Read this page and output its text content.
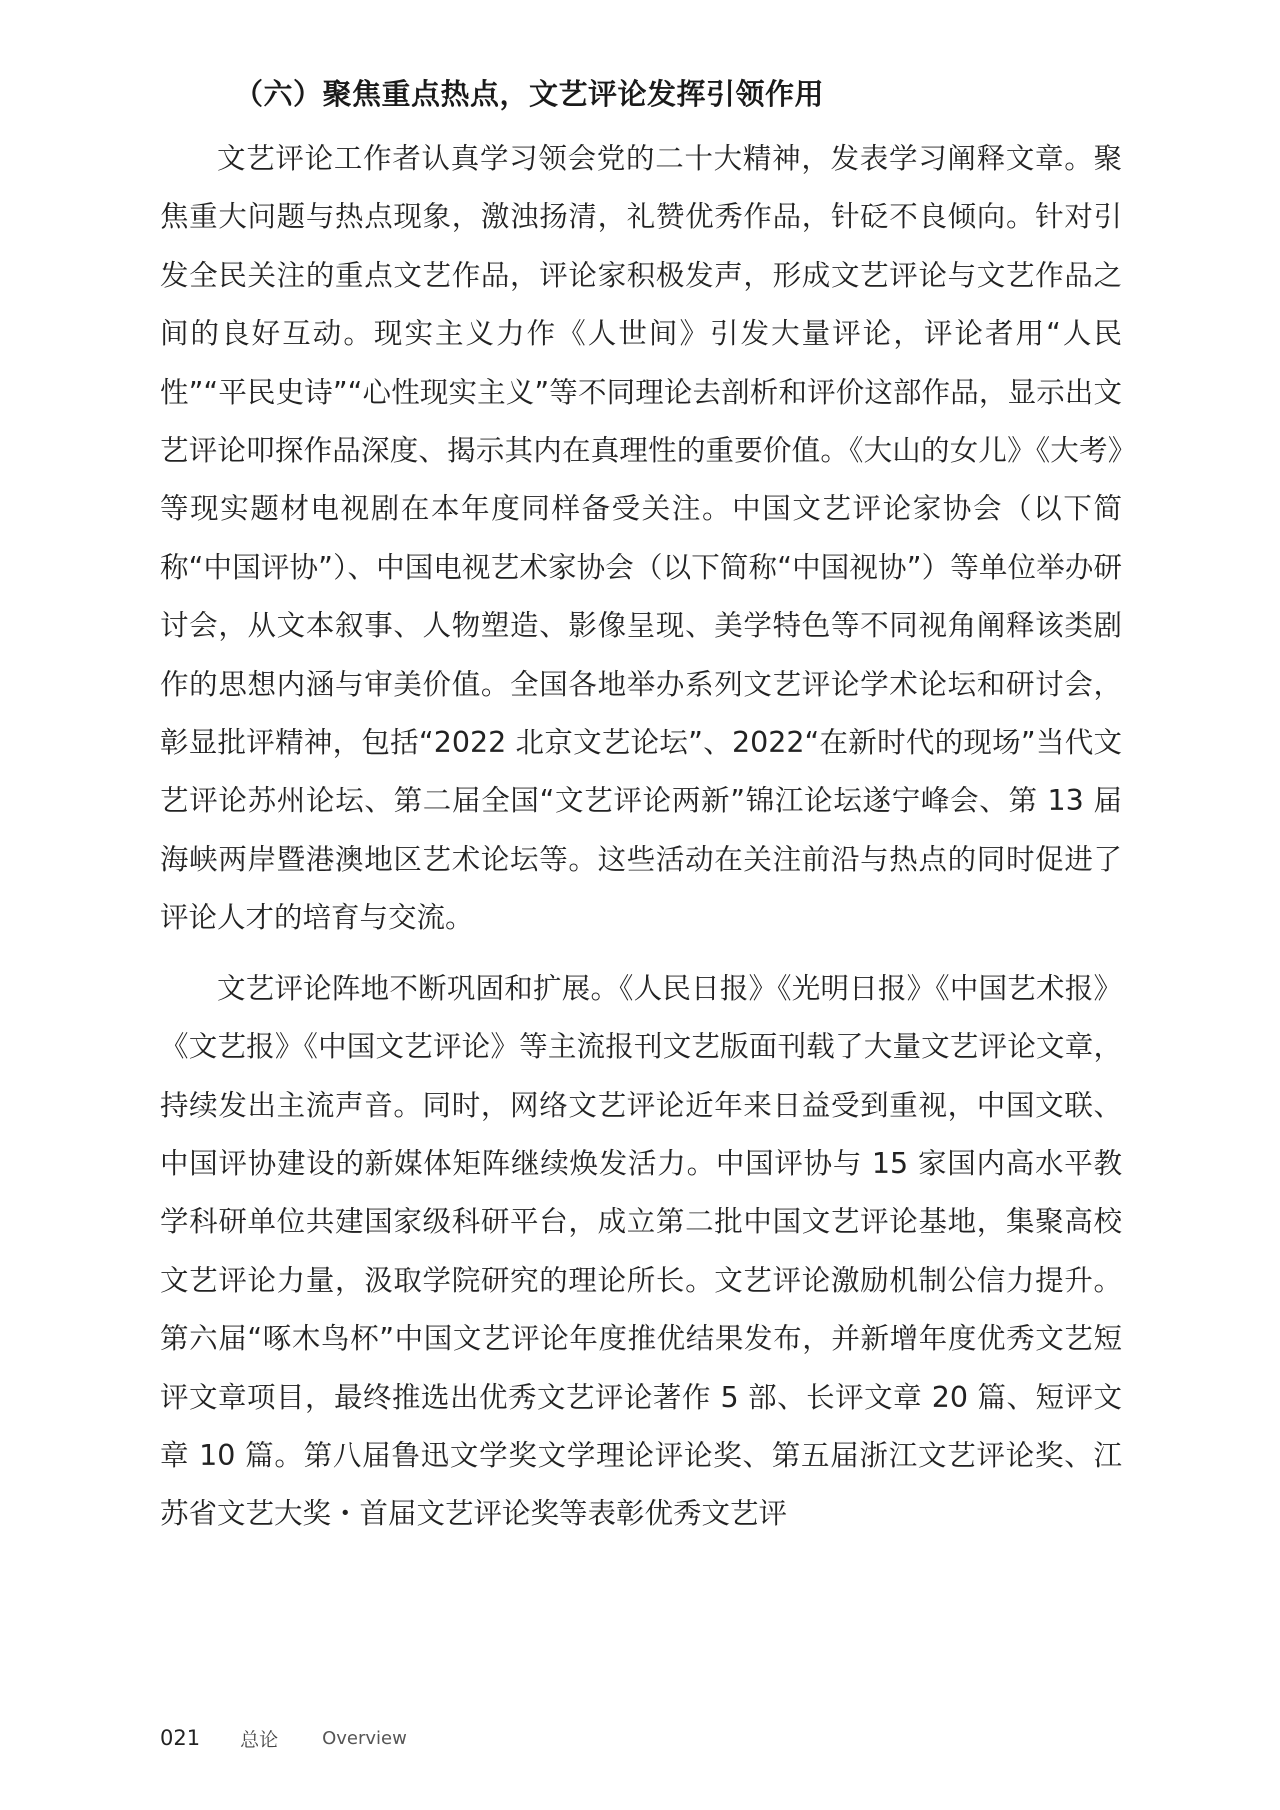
（六）聚焦重点热点，文艺评论发挥引领作用

文艺评论工作者认真学习领会党的二十大精神，发表学习阐释文章。聚焦重大问题与热点现象，激浊扬清，礼赞优秀作品，针砭不良倾向。针对引发全民关注的重点文艺作品，评论家积极发声，形成文艺评论与文艺作品之间的良好互动。现实主义力作《人世间》引发大量评论，评论者用“人民性”“平民史诗”“心性现实主义”等不同理论去剖析和评价这部作品，显示出文艺评论叩探作品深度、揭示其内在真理性的重要价值。《大山的女儿》《大考》等现实题材电视剧在本年度同样备受关注。中国文艺评论家协会（以下简称“中国评协”）、中国电视艺术家协会（以下简称“中国视协”）等单位举办研讨会，从文本叙事、人物塑造、影像呈现、美学特色等不同视角阐释该类剧作的思想内涵与审美价值。全国各地举办系列文艺评论学术论坛和研讨会，彰显批评精神，包括“2022 北京文艺论坛”、2022“在新时代的现场”当代文艺评论苏州论坛、第二届全国“文艺评论两新”锦江论坛遂宁峰会、第 13 届海峡两岸暨港澳地区艺术论坛等。这些活动在关注前沿与热点的同时促进了评论人才的培育与交流。

文艺评论阵地不断巩固和扩展。《人民日报》《光明日报》《中国艺术报》《文艺报》《中国文艺评论》等主流报刊文艺版面刊载了大量文艺评论文章，持续发出主流声音。同时，网络文艺评论近年来日益受到重视，中国文联、中国评协建设的新媒体矩阵继续焕发活力。中国评协与 15 家国内高水平教学科研单位共建国家级科研平台，成立第二批中国文艺评论基地，集聚高校文艺评论力量，汲取学院研究的理论所长。文艺评论激励机制公信力提升。第六届“啄木鸟杯”中国文艺评论年度推优结果发布，并新增年度优秀文艺短评文章项目，最终推选出优秀文艺评论著作 5 部、长评文章 20 篇、短评文章 10 篇。第八届鲁迅文学奖文学理论评论奖、第五届浙江文艺评论奖、江苏省文艺大奖・首届文艺评论奖等表彰优秀文艺评

021 总论 Overview
